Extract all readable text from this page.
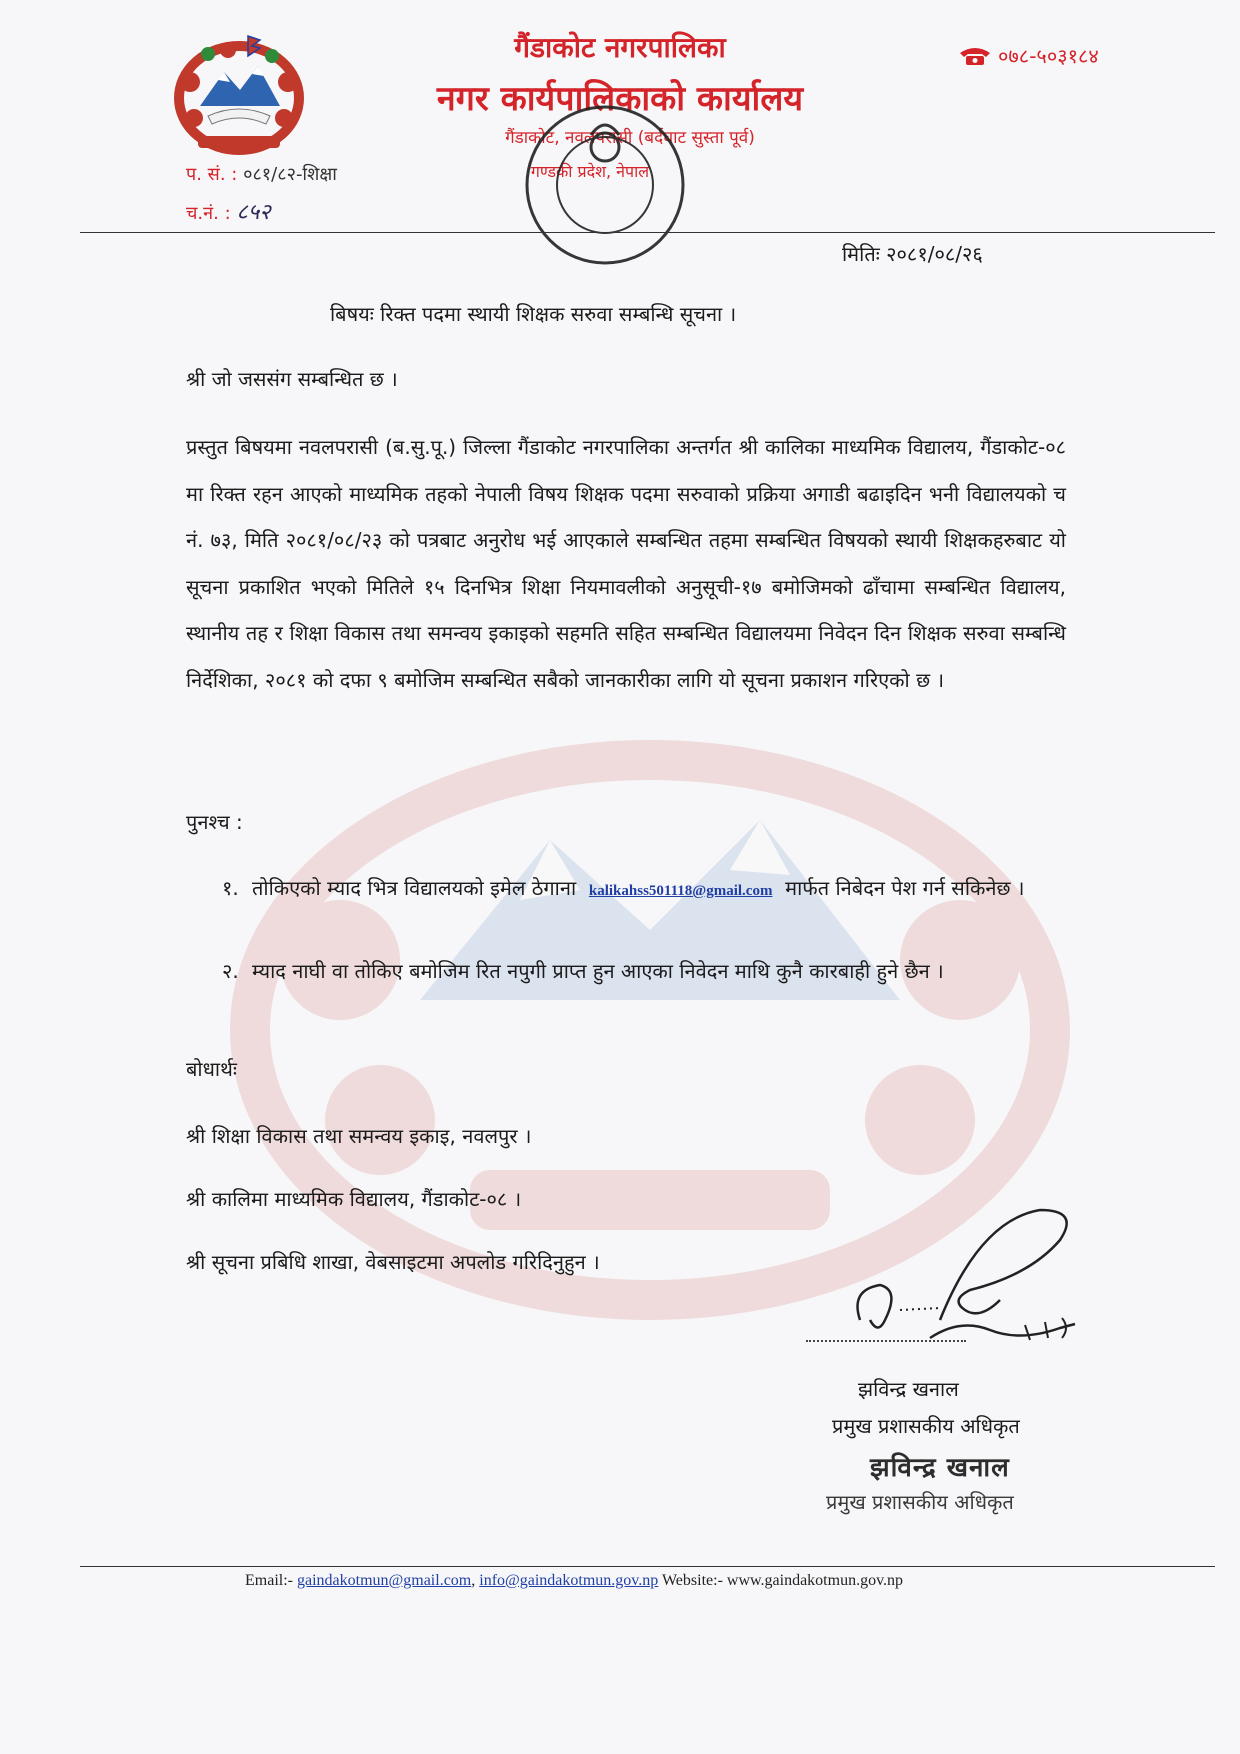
गैंडाकोट नगरपालिका
नगर कार्यपालिकाको कार्यालय
गैंडाकोट, नवलपरासी (बर्दघाट सुस्ता पूर्व)
गण्डकी प्रदेश, नेपाल
०७८-५०३१८४
प. सं. : ०८१/८२-शिक्षा
च.नं. : ८५२
मितिः २०८१/०८/२६
बिषयः रिक्त पदमा स्थायी शिक्षक सरुवा सम्बन्धि सूचना ।
श्री जो जससंग सम्बन्धित छ ।
प्रस्तुत बिषयमा नवलपरासी (ब.सु.पू.) जिल्ला गैंडाकोट नगरपालिका अन्तर्गत श्री कालिका माध्यमिक विद्यालय, गैंडाकोट-०८ मा रिक्त रहन आएको माध्यमिक तहको नेपाली विषय शिक्षक पदमा सरुवाको प्रक्रिया अगाडी बढाइदिन भनी विद्यालयको च नं. ७३, मिति २०८१/०८/२३ को पत्रबाट अनुरोध भई आएकाले सम्बन्धित तहमा सम्बन्धित विषयको स्थायी शिक्षकहरुबाट यो सूचना प्रकाशित भएको मितिले १५ दिनभित्र शिक्षा नियमावलीको अनुसूची-१७ बमोजिमको ढाँचामा सम्बन्धित विद्यालय, स्थानीय तह र शिक्षा विकास तथा समन्वय इकाइको सहमति सहित सम्बन्धित विद्यालयमा निवेदन दिन शिक्षक सरुवा सम्बन्धि निर्देशिका, २०८१ को दफा ९ बमोजिम सम्बन्धित सबैको जानकारीका लागि यो सूचना प्रकाशन गरिएको छ ।
पुनश्च :
१. तोकिएको म्याद भित्र विद्यालयको इमेल ठेगाना kalikahss501118@gmail.com मार्फत निबेदन पेश गर्न सकिनेछ ।
२. म्याद नाघी वा तोकिए बमोजिम रित नपुगी प्राप्त हुन आएका निवेदन माथि कुनै कारबाही हुने छैन ।
बोधार्थः
श्री शिक्षा विकास तथा समन्वय इकाइ, नवलपुर ।
श्री कालिमा माध्यमिक विद्यालय, गैंडाकोट-०८ ।
श्री सूचना प्रबिधि शाखा, वेबसाइटमा अपलोड गरिदिनुहुन ।
झविन्द्र खनाल
प्रमुख प्रशासकीय अधिकृत
झविन्द्र खनाल
प्रमुख प्रशासकीय अधिकृत
Email:- gaindakotmun@gmail.com, info@gaindakotmun.gov.np Website:- www.gaindakotmun.gov.np
